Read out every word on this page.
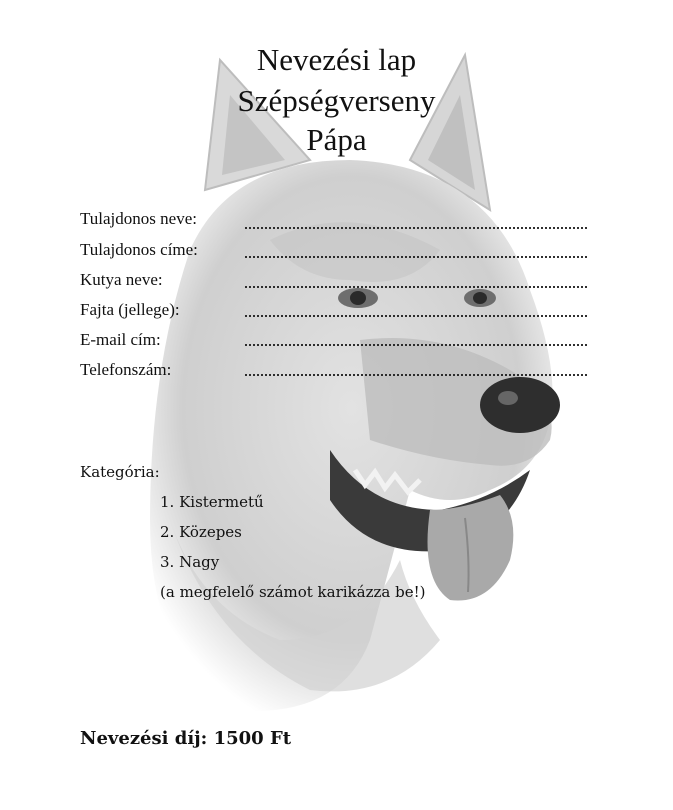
Nevezési lap
Szépségverseny
Pápa
Tulajdonos neve:
Tulajdonos címe:
Kutya neve:
Fajta (jellege):
E-mail cím:
Telefonszám:
Kategória:
1. Kistermetű
2. Közepes
3. Nagy
(a megfelelő számot karikázza be!)
Nevezési díj: 1500 Ft
